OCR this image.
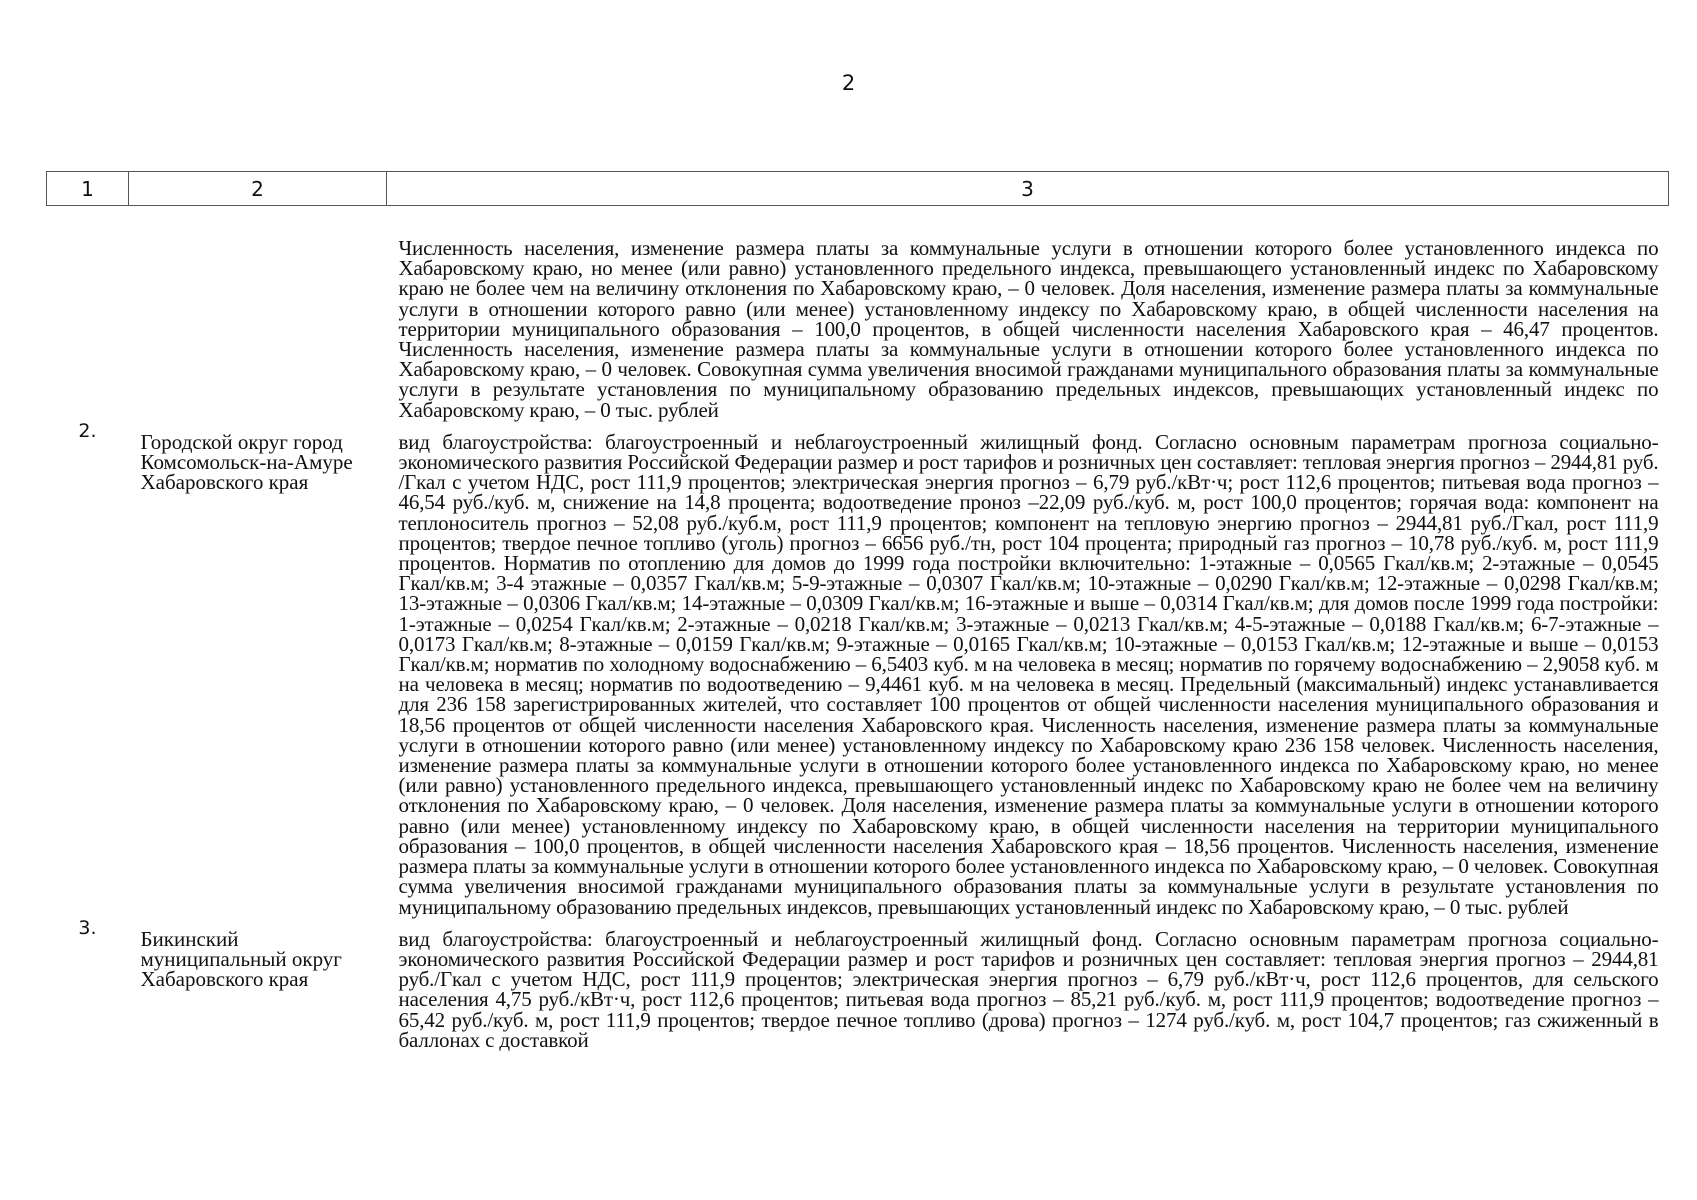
2
1	2	3
		Численность населения, изменение размера платы за коммунальные услуги в отношении которого более установленного индекса по Хабаровскому краю, но менее (или равно) установленного предельного индекса, превышающего установленный индекс по Хабаровскому краю не более чем на величину отклонения по Хабаровскому краю, – 0 человек. Доля населения, изменение размера платы за коммунальные услуги в отношении которого равно (или менее) установленному индексу по Хабаровскому краю, в общей численности населения на территории муниципального образования – 100,0 процентов, в общей численности населения Хабаровского края – 46,47 процентов. Численность населения, изменение размера платы за коммунальные услуги в отношении которого более установленного индекса по Хабаровскому краю, – 0 человек. Совокупная сумма увеличения вносимой гражданами муниципального образования платы за коммунальные услуги в результате установления по муниципальному образованию предельных индексов, превышающих установленный индекс по Хабаровскому краю, – 0 тыс. рублей
2.	Городской округ город Комсомольск-на-Амуре Хабаровского края	вид благоустройства: благоустроенный и неблагоустроенный жилищный фонд. Согласно основным параметрам прогноза социально-экономического развития Российской Федерации размер и рост тарифов и розничных цен составляет: тепловая энергия прогноз – 2944,81 руб. /Гкал с учетом НДС, рост 111,9 процентов; электрическая энергия прогноз – 6,79 руб./кВт·ч; рост 112,6 процентов; питьевая вода прогноз – 46,54 руб./куб. м, снижение на 14,8 процента; водоотведение проноз –22,09 руб./куб. м, рост 100,0 процентов; горячая вода: компонент на теплоноситель прогноз – 52,08 руб./куб.м, рост 111,9 процентов; компонент на тепловую энергию прогноз – 2944,81 руб./Гкал, рост 111,9 процентов; твердое печное топливо (уголь) прогноз – 6656 руб./тн, рост 104 процента; природный газ прогноз – 10,78 руб./куб. м, рост 111,9 процентов. Норматив по отоплению для домов до 1999 года постройки включительно: 1-этажные – 0,0565 Гкал/кв.м; 2-этажные – 0,0545 Гкал/кв.м; 3-4 этажные – 0,0357 Гкал/кв.м; 5-9-этажные – 0,0307 Гкал/кв.м; 10-этажные – 0,0290 Гкал/кв.м; 12-этажные – 0,0298 Гкал/кв.м; 13-этажные – 0,0306 Гкал/кв.м; 14-этажные – 0,0309 Гкал/кв.м; 16-этажные и выше – 0,0314 Гкал/кв.м; для домов после 1999 года постройки: 1-этажные – 0,0254 Гкал/кв.м; 2-этажные – 0,0218 Гкал/кв.м; 3-этажные – 0,0213 Гкал/кв.м; 4-5-этажные – 0,0188 Гкал/кв.м; 6-7-этажные – 0,0173 Гкал/кв.м; 8-этажные – 0,0159 Гкал/кв.м; 9-этажные – 0,0165 Гкал/кв.м; 10-этажные – 0,0153 Гкал/кв.м; 12-этажные и выше – 0,0153 Гкал/кв.м; норматив по холодному водоснабжению – 6,5403 куб. м на человека в месяц; норматив по горячему водоснабжению – 2,9058 куб. м на человека в месяц; норматив по водоотведению – 9,4461 куб. м на человека в месяц. Предельный (максимальный) индекс устанавливается для 236 158 зарегистрированных жителей, что составляет 100 процентов от общей численности населения муниципального образования и 18,56 процентов от общей численности населения Хабаровского края. Численность населения, изменение размера платы за коммунальные услуги в отношении которого равно (или менее) установленному индексу по Хабаровскому краю 236 158 человек. Численность населения, изменение размера платы за коммунальные услуги в отношении которого более установленного индекса по Хабаровскому краю, но менее (или равно) установленного предельного индекса, превышающего установленный индекс по Хабаровскому краю не более чем на величину отклонения по Хабаровскому краю, – 0 человек. Доля населения, изменение размера платы за коммунальные услуги в отношении которого равно (или менее) установленному индексу по Хабаровскому краю, в общей численности населения на территории муниципального образования – 100,0 процентов, в общей численности населения Хабаровского края – 18,56 процентов. Численность населения, изменение размера платы за коммунальные услуги в отношении которого более установленного индекса по Хабаровскому краю, – 0 человек. Совокупная сумма увеличения вносимой гражданами муниципального образования платы за коммунальные услуги в результате установления по муниципальному образованию предельных индексов, превышающих установленный индекс по Хабаровскому краю, – 0 тыс. рублей
3.	Бикинский муниципальный округ Хабаровского края	вид благоустройства: благоустроенный и неблагоустроенный жилищный фонд. Согласно основным параметрам прогноза социально-экономического развития Российской Федерации размер и рост тарифов и розничных цен составляет: тепловая энергия прогноз – 2944,81 руб./Гкал с учетом НДС, рост 111,9 процентов; электрическая энергия прогноз – 6,79 руб./кВт·ч, рост 112,6 процентов, для сельского населения 4,75 руб./кВт·ч, рост 112,6 процентов; питьевая вода прогноз – 85,21 руб./куб. м, рост 111,9 процентов; водоотведение прогноз – 65,42 руб./куб. м, рост 111,9 процентов; твердое печное топливо (дрова) прогноз – 1274 руб./куб. м, рост 104,7 процентов; газ сжиженный в баллонах с доставкой
